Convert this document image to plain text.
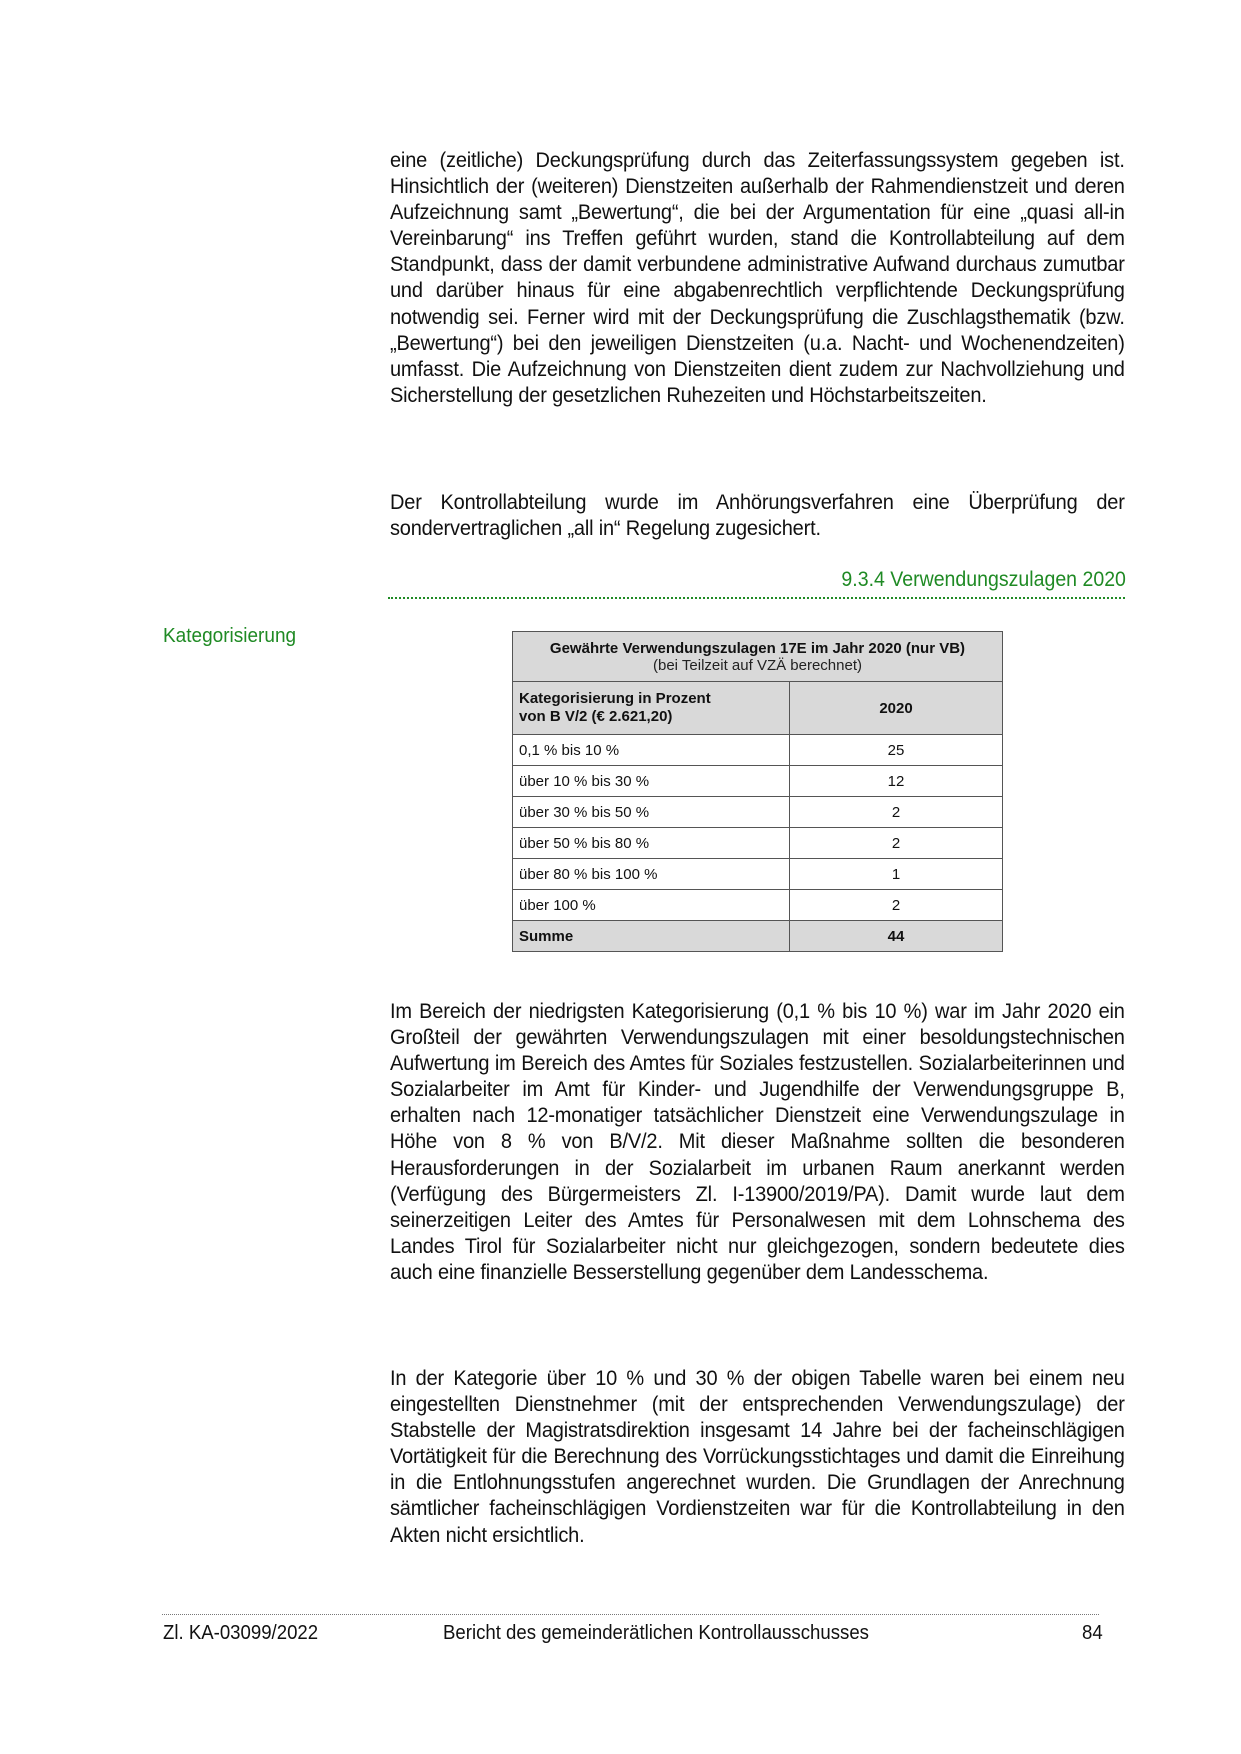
eine (zeitliche) Deckungsprüfung durch das Zeiterfassungssystem gegeben ist. Hinsichtlich der (weiteren) Dienstzeiten außerhalb der Rahmendienstzeit und deren Aufzeichnung samt „Bewertung“, die bei der Argumentation für eine „quasi all-in Vereinbarung“ ins Treffen geführt wurden, stand die Kontrollabteilung auf dem Standpunkt, dass der damit verbundene administrative Aufwand durchaus zumutbar und darüber hinaus für eine abgabenrechtlich verpflichtende Deckungsprüfung notwendig sei. Ferner wird mit der Deckungsprüfung die Zuschlagsthematik (bzw. „Bewertung“) bei den jeweiligen Dienstzeiten (u.a. Nacht- und Wochenendzeiten) umfasst. Die Aufzeichnung von Dienstzeiten dient zudem zur Nachvollziehung und Sicherstellung der gesetzlichen Ruhezeiten und Höchstarbeitszeiten.

Der Kontrollabteilung wurde im Anhörungsverfahren eine Überprüfung der sondervertraglichen „all in“ Regelung zugesichert.

9.3.4 Verwendungszulagen 2020
Kategorisierung
Gewährte Verwendungszulagen 17E im Jahr 2020 (nur VB)
(bei Teilzeit auf VZÄ berechnet)	

Kategorisierung in Prozent
von B V/2 (€ 2.621,20)	2020
0,1 % bis 10 %	25
über 10 % bis 30 %	12
über 30 % bis 50 %	2
über 50 % bis 80 %	2
über 80 % bis 100 %	1
über 100 %	2
Summe	44

Im Bereich der niedrigsten Kategorisierung (0,1 % bis 10 %) war im Jahr 2020 ein Großteil der gewährten Verwendungszulagen mit einer besoldungstechnischen Aufwertung im Bereich des Amtes für Soziales festzustellen. Sozialarbeiterinnen und Sozialarbeiter im Amt für Kinder- und Jugendhilfe der Verwendungsgruppe B, erhalten nach 12-monatiger tatsächlicher Dienstzeit eine Verwendungszulage in Höhe von 8 % von B/V/2. Mit dieser Maßnahme sollten die besonderen Herausforderungen in der Sozialarbeit im urbanen Raum anerkannt werden (Verfügung des Bürgermeisters Zl. I-13900/2019/PA). Damit wurde laut dem seinerzeitigen Leiter des Amtes für Personalwesen mit dem Lohnschema des Landes Tirol für Sozialarbeiter nicht nur gleichgezogen, sondern bedeutete dies auch eine finanzielle Besserstellung gegenüber dem Landesschema.

In der Kategorie über 10 % und 30 % der obigen Tabelle waren bei einem neu eingestellten Dienstnehmer (mit der entsprechenden Verwendungszulage) der Stabstelle der Magistratsdirektion insgesamt 14 Jahre bei der facheinschlägigen Vortätigkeit für die Berechnung des Vorrückungsstichtages und damit die Einreihung in die Entlohnungsstufen angerechnet wurden. Die Grundlagen der Anrechnung sämtlicher facheinschlägigen Vordienstzeiten war für die Kontrollabteilung in den Akten nicht ersichtlich.

Zl. KA-03099/2022	Bericht des gemeinderätlichen Kontrollausschusses	84
